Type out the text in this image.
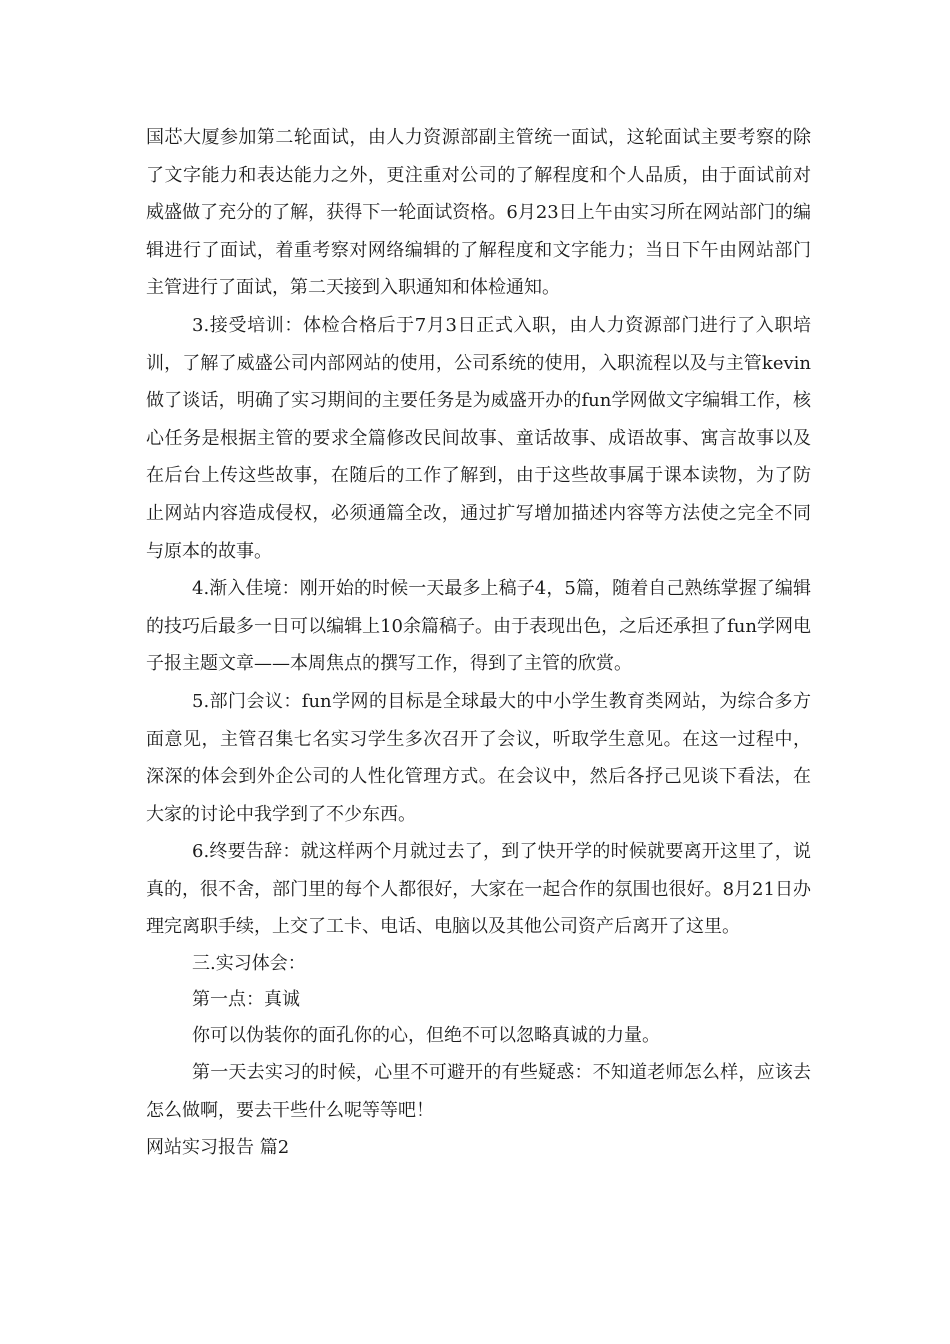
国芯大厦参加第二轮面试，由人力资源部副主管统一面试，这轮面试主要考察的除了文字能力和表达能力之外，更注重对公司的了解程度和个人品质，由于面试前对威盛做了充分的了解，获得下一轮面试资格。6月23日上午由实习所在网站部门的编辑进行了面试，着重考察对网络编辑的了解程度和文字能力；当日下午由网站部门主管进行了面试，第二天接到入职通知和体检通知。

3.接受培训：体检合格后于7月3日正式入职，由人力资源部门进行了入职培训，了解了威盛公司内部网站的使用，公司系统的使用，入职流程以及与主管kevin做了谈话，明确了实习期间的主要任务是为威盛开办的fun学网做文字编辑工作，核心任务是根据主管的要求全篇修改民间故事、童话故事、成语故事、寓言故事以及在后台上传这些故事，在随后的工作了解到，由于这些故事属于课本读物，为了防止网站内容造成侵权，必须通篇全改，通过扩写增加描述内容等方法使之完全不同与原本的故事。

4.渐入佳境：刚开始的时候一天最多上稿子4，5篇，随着自己熟练掌握了编辑的技巧后最多一日可以编辑上10余篇稿子。由于表现出色，之后还承担了fun学网电子报主题文章——本周焦点的撰写工作，得到了主管的欣赏。

5.部门会议：fun学网的目标是全球最大的中小学生教育类网站，为综合多方面意见，主管召集七名实习学生多次召开了会议，听取学生意见。在这一过程中，深深的体会到外企公司的人性化管理方式。在会议中，然后各抒己见谈下看法，在大家的讨论中我学到了不少东西。

6.终要告辞：就这样两个月就过去了，到了快开学的时候就要离开这里了，说真的，很不舍，部门里的每个人都很好，大家在一起合作的氛围也很好。8月21日办理完离职手续，上交了工卡、电话、电脑以及其他公司资产后离开了这里。

三.实习体会：

第一点：真诚

你可以伪装你的面孔你的心，但绝不可以忽略真诚的力量。

第一天去实习的时候，心里不可避开的有些疑惑：不知道老师怎么样，应该去怎么做啊，要去干些什么呢等等吧！

网站实习报告 篇2
